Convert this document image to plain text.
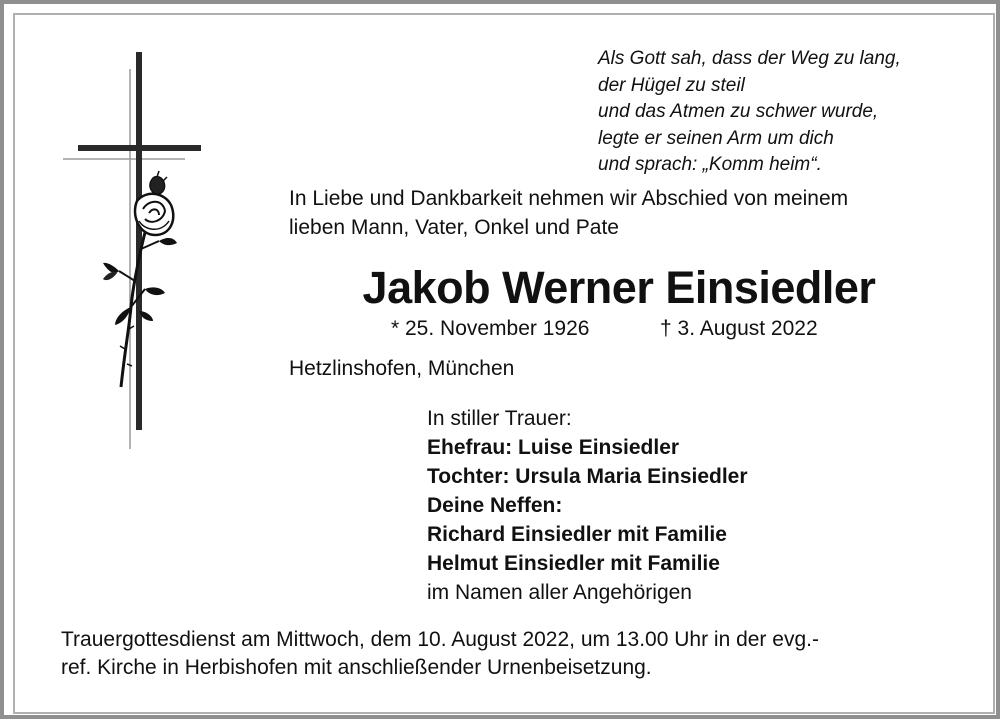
Als Gott sah, dass der Weg zu lang,
der Hügel zu steil
und das Atmen zu schwer wurde,
legte er seinen Arm um dich
und sprach: „Komm heim“.
In Liebe und Dankbarkeit nehmen wir Abschied von meinem
lieben Mann, Vater, Onkel und Pate
Jakob Werner Einsiedler
* 25. November 1926	† 3. August 2022
Hetzlinshofen, München
In stiller Trauer:
Ehefrau: Luise Einsiedler
Tochter: Ursula Maria Einsiedler
Deine Neffen:
Richard Einsiedler mit Familie
Helmut Einsiedler mit Familie
im Namen aller Angehörigen
Trauergottesdienst am Mittwoch, dem 10. August 2022, um 13.00 Uhr in der evg.-
ref. Kirche in Herbishofen mit anschließender Urnenbeisetzung.
